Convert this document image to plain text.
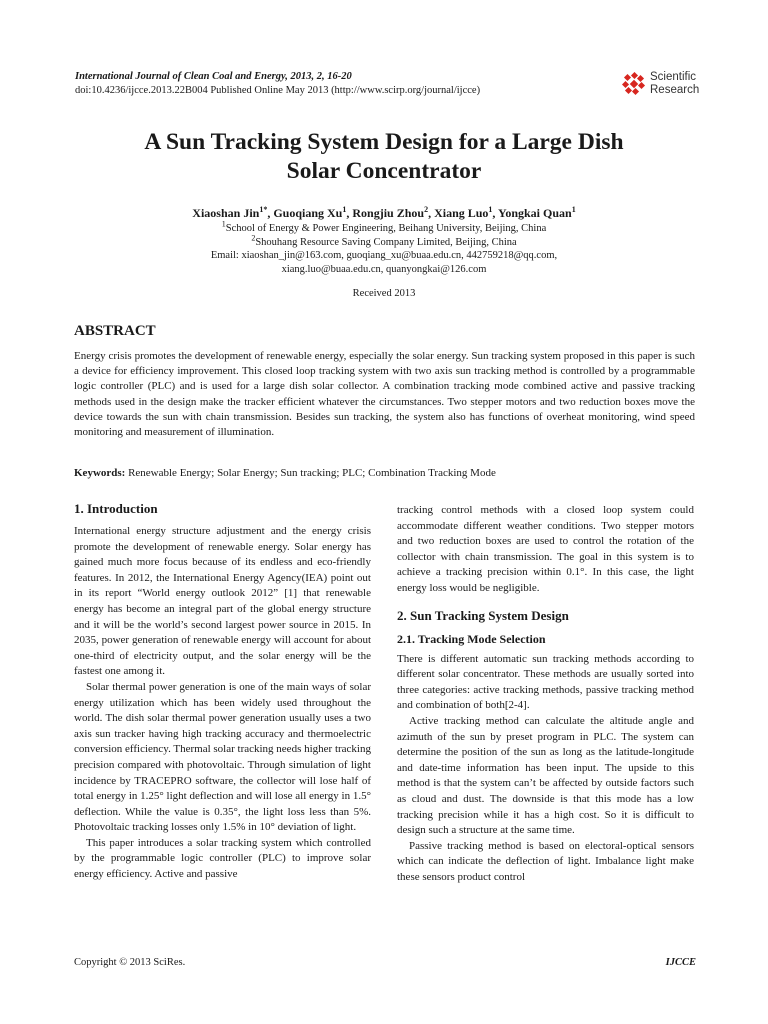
International Journal of Clean Coal and Energy, 2013, 2, 16-20
doi:10.4236/ijcce.2013.22B004 Published Online May 2013 (http://www.scirp.org/journal/ijcce)
Scientific
Research
A Sun Tracking System Design for a Large Dish
Solar Concentrator
Xiaoshan Jin$^{1*}$, Guoqiang Xu$^1$, Rongjiu Zhou$^2$, Xiang Luo$^1$, Yongkai Quan$^1$
$^1$School of Energy & Power Engineering, Beihang University, Beijing, China
$^2$Shouhang Resource Saving Company Limited, Beijing, China
Email: xiaoshan_jin@163.com, guoqiang_xu@buaa.edu.cn, 442759218@qq.com,
xiang.luo@buaa.edu.cn, quanyongkai@126.com
Received 2013
ABSTRACT

Energy crisis promotes the development of renewable energy, especially the solar energy. Sun tracking system proposed in this paper is such a device for efficiency improvement. This closed loop tracking system with two axis sun tracking method is controlled by a programmable logic controller (PLC) and is used for a large dish solar collector. A combination tracking mode combined active and passive tracking methods used in the design make the tracker efficient whatever the circumstances. Two stepper motors and two reduction boxes move the device towards the sun with chain transmission. Besides sun tracking, the system also has functions of overheat monitoring, wind speed monitoring and measurement of illumination.

Keywords: Renewable Energy; Solar Energy; Sun tracking; PLC; Combination Tracking Mode
1. Introduction

International energy structure adjustment and the energy crisis promote the development of renewable energy. Solar energy has gained much more focus because of its endless and eco-friendly features. In 2012, the International Energy Agency(IEA) point out in its report “World energy outlook 2012” [1] that renewable energy has become an integral part of the global energy structure and it will be the world’s second largest power source in 2015. In 2035, power generation of renewable energy will account for about one-third of electricity output, and the solar energy will be the fastest one among it.

Solar thermal power generation is one of the main ways of solar energy utilization which has been widely used throughout the world. The dish solar thermal power generation usually uses a two axis sun tracker having high tracking accuracy and thermoelectric conversion efficiency. Thermal solar tracking needs higher tracking precision compared with photovoltaic. Through simulation of light incidence by TRACEPRO software, the collector will lose half of total energy in 1.25° light deflection and will lose all energy in 1.5° deflection. While the value is 0.35°, the light loss less than 5%. Photovoltaic tracking losses only 1.5% in 10° deviation of light.

This paper introduces a solar tracking system which controlled by the programmable logic controller (PLC) to improve solar energy efficiency. Active and passive

tracking control methods with a closed loop system could accommodate different weather conditions. Two stepper motors and two reduction boxes are used to control the rotation of the collector with chain transmission. The goal in this system is to achieve a tracking precision within 0.1°. In this case, the light energy loss would be negligible.

2. Sun Tracking System Design
2.1. Tracking Mode Selection

There is different automatic sun tracking methods according to different solar concentrator. These methods are usually sorted into three categories: active tracking methods, passive tracking method and combination of both[2-4].

Active tracking method can calculate the altitude angle and azimuth of the sun by preset program in PLC. The system can determine the position of the sun as long as the latitude-longitude and date-time information has been input. The upside to this method is that the system can’t be affected by outside factors such as cloud and dust. The downside is that this mode has a low tracking precision while it has a high cost. So it is difficult to design such a structure at the same time.

Passive tracking method is based on electoral-optical sensors which can indicate the deflection of light. Imbalance light make these sensors product control

Copyright © 2013 SciRes.	IJCCE
